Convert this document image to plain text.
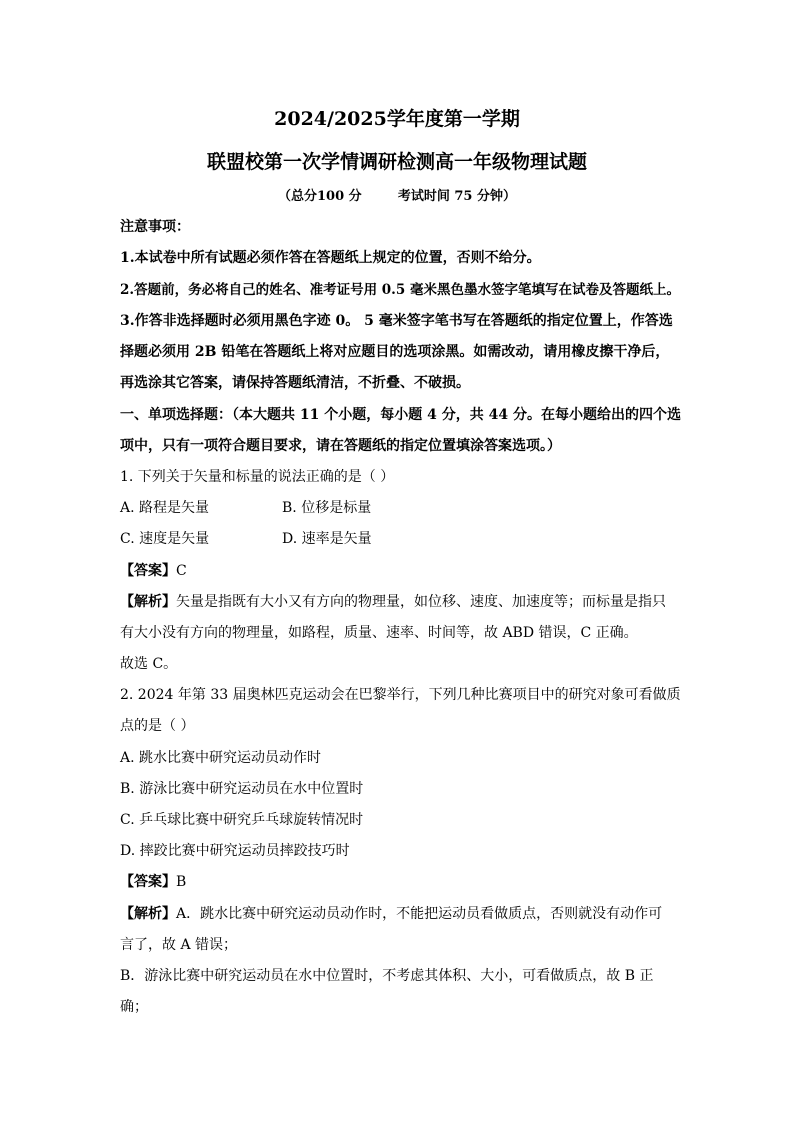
2024/2025学年度第一学期
联盟校第一次学情调研检测高一年级物理试题
（总分100 分        考试时间 75 分钟）
注意事项：
1.本试卷中所有试题必须作答在答题纸上规定的位置，否则不给分。
2.答题前，务必将自己的姓名、准考证号用 0.5 毫米黑色墨水签字笔填写在试卷及答题纸上。
3.作答非选择题时必须用黑色字迹 0。 5 毫米签字笔书写在答题纸的指定位置上，作答选
择题必须用 2B 铅笔在答题纸上将对应题目的选项涂黑。如需改动，请用橡皮擦干净后，
再选涂其它答案，请保持答题纸清洁，不折叠、不破损。
一、单项选择题：（本大题共 11 个小题，每小题 4 分，共 44 分。在每小题给出的四个选
项中，只有一项符合题目要求，请在答题纸的指定位置填涂答案选项。）
1. 下列关于矢量和标量的说法正确的是（ ）
A. 路程是矢量	B. 位移是标量
C. 速度是矢量	D. 速率是矢量
【答案】C
【解析】矢量是指既有大小又有方向的物理量，如位移、速度、加速度等；而标量是指只
有大小没有方向的物理量，如路程，质量、速率、时间等，故 ABD 错误，C 正确。
故选 C。
2. 2024 年第 33 届奥林匹克运动会在巴黎举行，下列几种比赛项目中的研究对象可看做质
点的是（ ）
A. 跳水比赛中研究运动员动作时
B. 游泳比赛中研究运动员在水中位置时
C. 乒乓球比赛中研究乒乓球旋转情况时
D. 摔跤比赛中研究运动员摔跤技巧时
【答案】B
【解析】A．跳水比赛中研究运动员动作时，不能把运动员看做质点，否则就没有动作可
言了，故 A 错误；
B．游泳比赛中研究运动员在水中位置时，不考虑其体积、大小，可看做质点，故 B 正
确；
